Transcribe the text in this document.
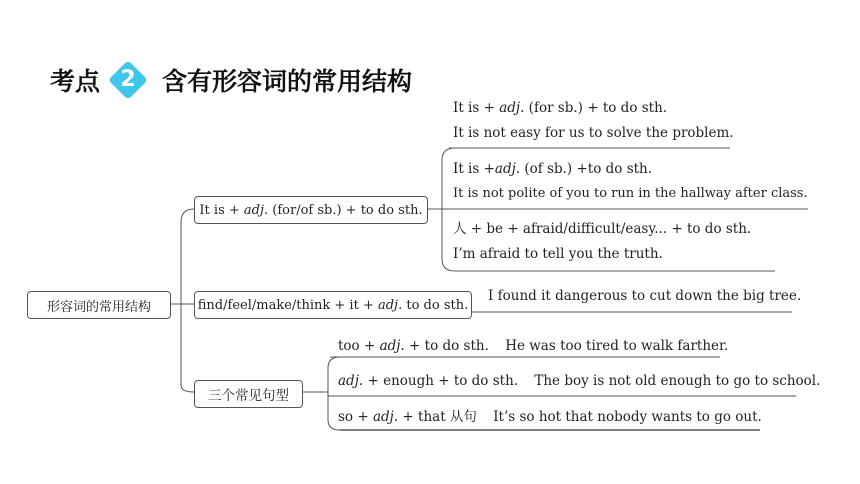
考点 2	含有形容词的常用结构
形容词的常用结构
It is + adj. (for/of sb.) + to do sth.
It is + adj. (for sb.) + to do sth.
It is not easy for us to solve the problem.
It is +adj. (of sb.) +to do sth.
It is not polite of you to run in the hallway after class.
人 + be + afraid/difficult/easy... + to do sth.
I’m afraid to tell you the truth.
find/feel/make/think + it + adj. to do sth.
I found it dangerous to cut down the big tree.
三个常见句型
too + adj. + to do sth. He was too tired to walk farther.
adj. + enough + to do sth. The boy is not old enough to go to school.
so + adj. + that 从句 It’s so hot that nobody wants to go out.
